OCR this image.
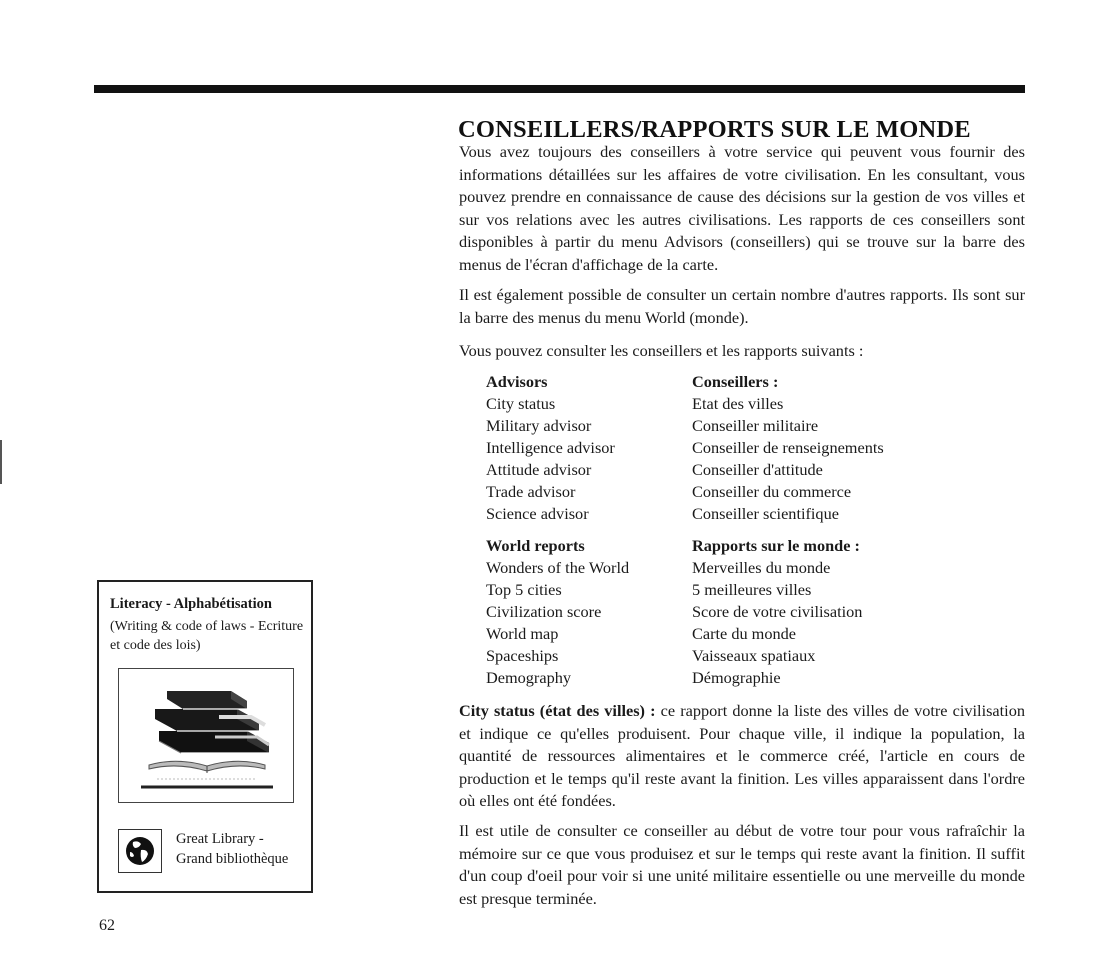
CONSEILLERS/RAPPORTS SUR LE MONDE

Vous avez toujours des conseillers à votre service qui peuvent vous fournir des informations détaillées sur les affaires de votre civilisation. En les consultant, vous pouvez prendre en connaissance de cause des décisions sur la gestion de vos villes et sur vos relations avec les autres civilisations. Les rapports de ces conseillers sont disponibles à partir du menu Advisors (conseillers) qui se trouve sur la barre des menus de l'écran d'affichage de la carte.

Il est également possible de consulter un certain nombre d'autres rapports. Ils sont sur la barre des menus du menu World (monde).

Vous pouvez consulter les conseillers et les rapports suivants :

Advisors
City status
Military advisor
Intelligence advisor
Attitude advisor
Trade advisor
Science advisor
Conseillers :
Etat des villes
Conseiller militaire
Conseiller de renseignements
Conseiller d'attitude
Conseiller du commerce
Conseiller scientifique
World reports
Wonders of the World
Top 5 cities
Civilization score
World map
Spaceships
Demography
Rapports sur le monde :
Merveilles du monde
5 meilleures villes
Score de votre civilisation
Carte du monde
Vaisseaux spatiaux
Démographie

City status (état des villes) : ce rapport donne la liste des villes de votre civilisation et indique ce qu'elles produisent. Pour chaque ville, il indique la population, la quantité de ressources alimentaires et le commerce créé, l'article en cours de production et le temps qu'il reste avant la finition. Les villes apparaissent dans l'ordre où elles ont été fondées.

Il est utile de consulter ce conseiller au début de votre tour pour vous rafraîchir la mémoire sur ce que vous produisez et sur le temps qui reste avant la finition. Il suffit d'un coup d'oeil pour voir si une unité militaire essentielle ou une merveille du monde est presque terminée.

Literacy - Alphabétisation
(Writing & code of laws - Ecriture et code des lois)
Great Library -
Grand bibliothèque
62
